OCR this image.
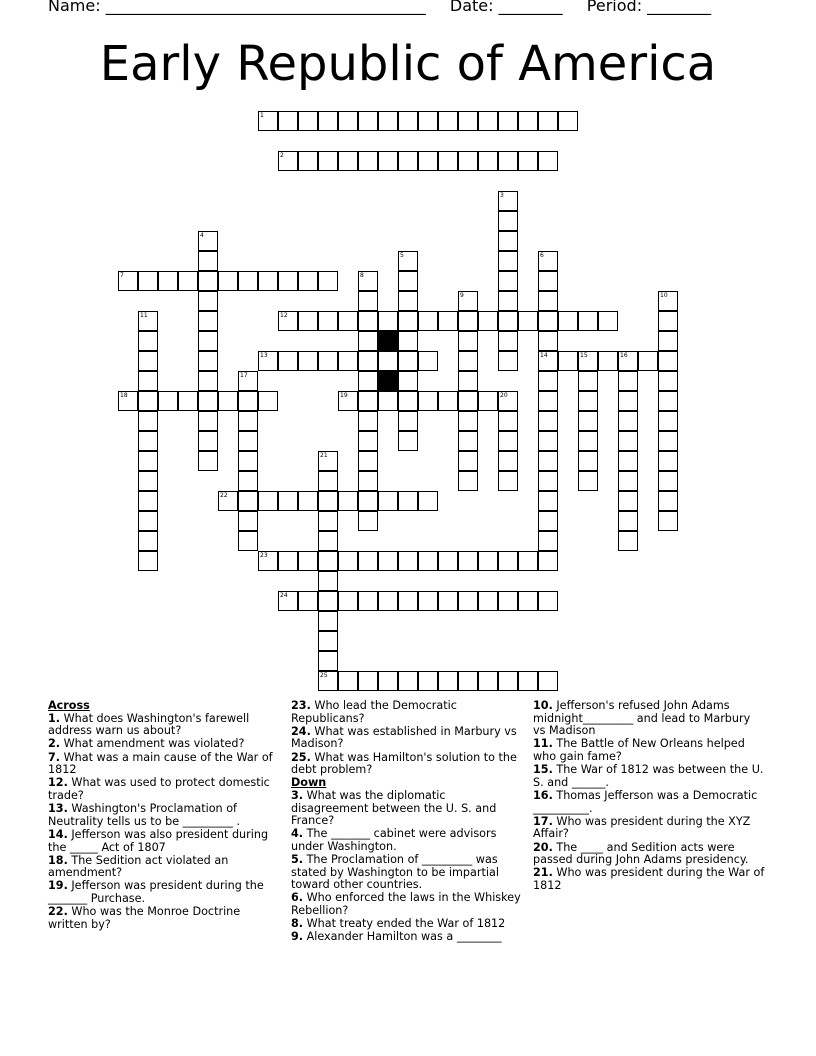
Name: ________________________________________ Date: ________ Period: ________
Early Republic of America
1
2
3
4
5	6
14
7	8
9	10
11	12
13	15	16
17
18	19	20
21
25
22
23
24
Across
1. What does Washington's farewell address warn us about?
2. What amendment was violated?
7. What was a main cause of the War of 1812
12. What was used to protect domestic trade?
13. Washington's Proclamation of Neutrality tells us to be _________ .
14. Jefferson was also president during the _____ Act of 1807
18. The Sedition act violated an amendment?
19. Jefferson was president during the _______ Purchase.
22. Who was the Monroe Doctrine written by?
23. Who lead the Democratic Republicans?
24. What was established in Marbury vs Madison?
25. What was Hamilton's solution to the debt problem?
Down
3. What was the diplomatic disagreement between the U. S. and France?
4. The _______ cabinet were advisors under Washington.
5. The Proclamation of _________ was stated by Washington to be impartial toward other countries.
6. Who enforced the laws in the Whiskey Rebellion?
8. What treaty ended the War of 1812
9. Alexander Hamilton was a ________
10. Jefferson's refused John Adams midnight_________ and lead to Marbury vs Madison
11. The Battle of New Orleans helped who gain fame?
15. The War of 1812 was between the U. S. and ______.
16. Thomas Jefferson was a Democratic __________.
17. Who was president during the XYZ Affair?
20. The ____ and Sedition acts were passed during John Adams presidency.
21. Who was president during the War of 1812
